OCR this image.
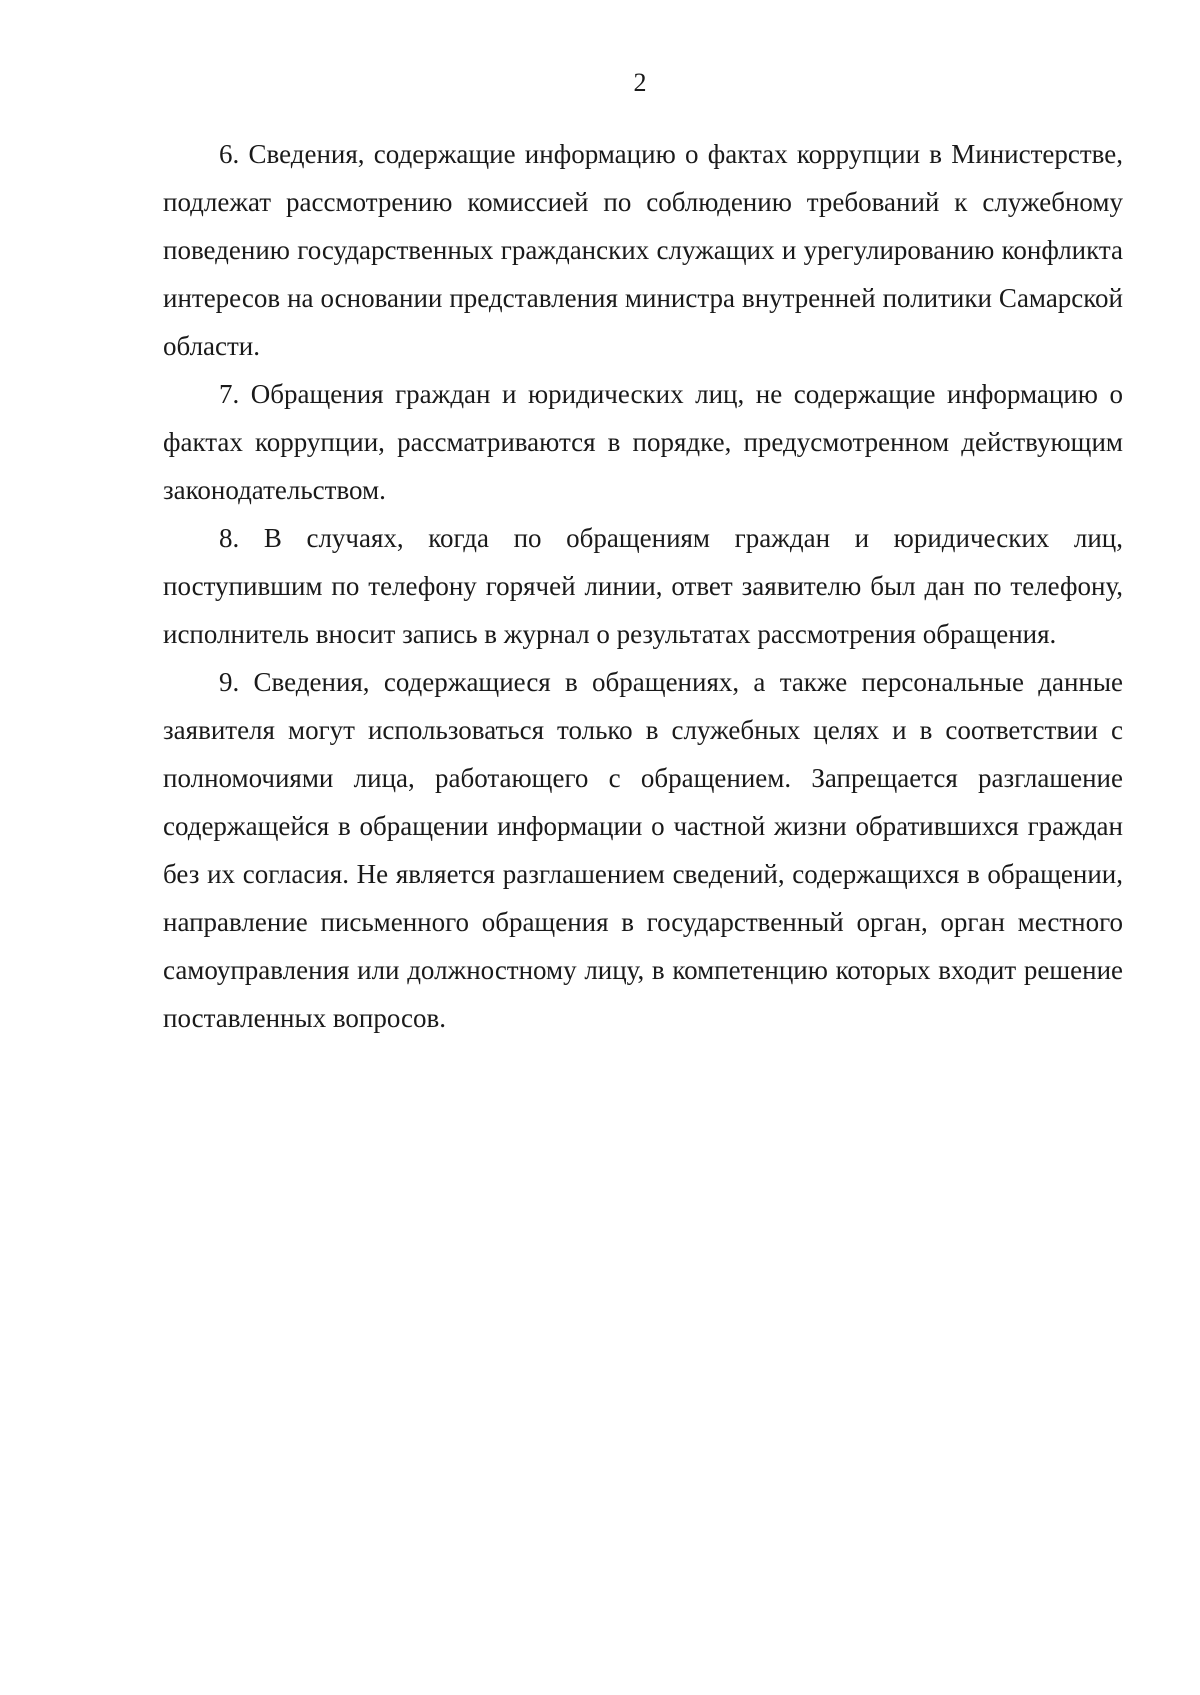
2

6. Сведения, содержащие информацию о фактах коррупции в Министерстве, подлежат рассмотрению комиссией по соблюдению требований к служебному поведению государственных гражданских служащих и урегулированию конфликта интересов на основании представления министра внутренней политики Самарской области.

7. Обращения граждан и юридических лиц, не содержащие информацию о фактах коррупции, рассматриваются в порядке, предусмотренном действующим законодательством.

8. В случаях, когда по обращениям граждан и юридических лиц, поступившим по телефону горячей линии, ответ заявителю был дан по телефону, исполнитель вносит запись в журнал о результатах рассмотрения обращения.

9. Сведения, содержащиеся в обращениях, а также персональные данные заявителя могут использоваться только в служебных целях и в соответствии с полномочиями лица, работающего с обращением. Запрещается разглашение содержащейся в обращении информации о частной жизни обратившихся граждан без их согласия. Не является разглашением сведений, содержащихся в обращении, направление письменного обращения в государственный орган, орган местного самоуправления или должностному лицу, в компетенцию которых входит решение поставленных вопросов.
